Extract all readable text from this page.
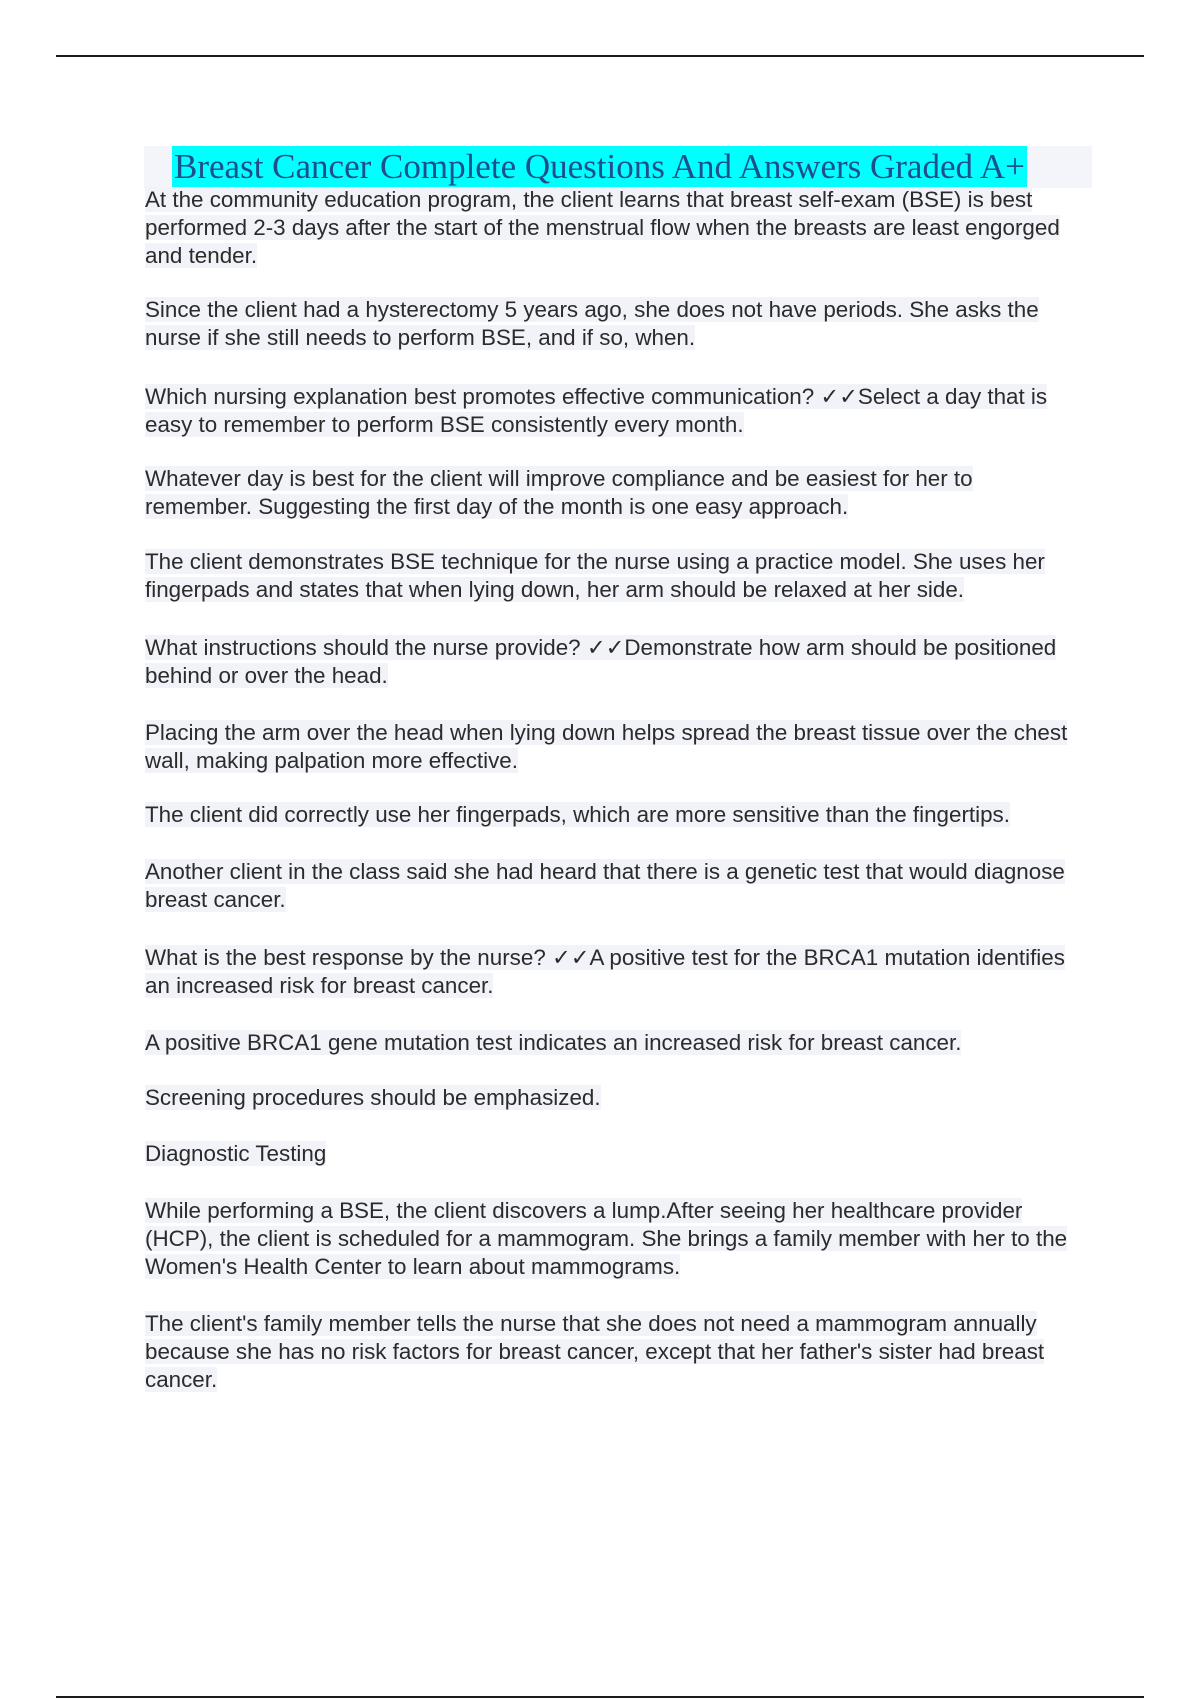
Breast Cancer Complete Questions And Answers Graded A+

At the community education program, the client learns that breast self-exam (BSE) is best performed 2-3 days after the start of the menstrual flow when the breasts are least engorged and tender.

Since the client had a hysterectomy 5 years ago, she does not have periods. She asks the nurse if she still needs to perform BSE, and if so, when.

Which nursing explanation best promotes effective communication? ✓✓Select a day that is easy to remember to perform BSE consistently every month.

Whatever day is best for the client will improve compliance and be easiest for her to remember. Suggesting the first day of the month is one easy approach.

The client demonstrates BSE technique for the nurse using a practice model. She uses her fingerpads and states that when lying down, her arm should be relaxed at her side.

What instructions should the nurse provide? ✓✓Demonstrate how arm should be positioned behind or over the head.

Placing the arm over the head when lying down helps spread the breast tissue over the chest wall, making palpation more effective.

The client did correctly use her fingerpads, which are more sensitive than the fingertips.

Another client in the class said she had heard that there is a genetic test that would diagnose breast cancer.

What is the best response by the nurse? ✓✓A positive test for the BRCA1 mutation identifies an increased risk for breast cancer.

A positive BRCA1 gene mutation test indicates an increased risk for breast cancer.

Screening procedures should be emphasized.

Diagnostic Testing

While performing a BSE, the client discovers a lump.After seeing her healthcare provider (HCP), the client is scheduled for a mammogram. She brings a family member with her to the Women's Health Center to learn about mammograms.

The client's family member tells the nurse that she does not need a mammogram annually because she has no risk factors for breast cancer, except that her father's sister had breast cancer.
